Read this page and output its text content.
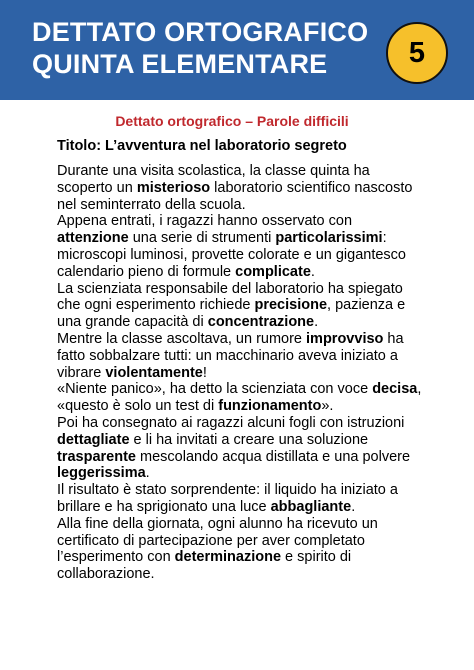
DETTATO ORTOGRAFICO
QUINTA ELEMENTARE	5
Dettato ortografico – Parole difficili
Titolo: L’avventura nel laboratorio segreto
Durante una visita scolastica, la classe quinta ha
scoperto un misterioso laboratorio scientifico nascosto
nel seminterrato della scuola.
Appena entrati, i ragazzi hanno osservato con
attenzione una serie di strumenti particolarissimi:
microscopi luminosi, provette colorate e un gigantesco
calendario pieno di formule complicate.
La scienziata responsabile del laboratorio ha spiegato
che ogni esperimento richiede precisione, pazienza e
una grande capacità di concentrazione.
Mentre la classe ascoltava, un rumore improvviso ha
fatto sobbalzare tutti: un macchinario aveva iniziato a
vibrare violentamente!
«Niente panico», ha detto la scienziata con voce decisa,
«questo è solo un test di funzionamento».
Poi ha consegnato ai ragazzi alcuni fogli con istruzioni
dettagliate e li ha invitati a creare una soluzione
trasparente mescolando acqua distillata e una polvere
leggerissima.
Il risultato è stato sorprendente: il liquido ha iniziato a
brillare e ha sprigionato una luce abbagliante.
Alla fine della giornata, ogni alunno ha ricevuto un
certificato di partecipazione per aver completato
l’esperimento con determinazione e spirito di
collaborazione.
